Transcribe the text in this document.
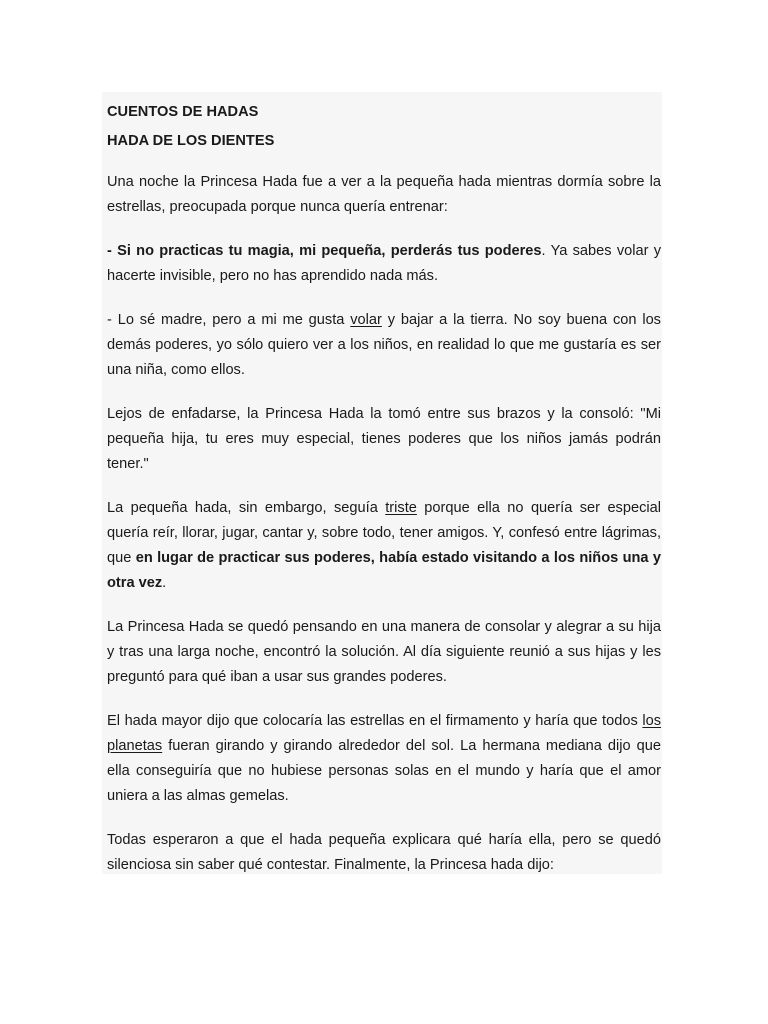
CUENTOS DE HADAS

HADA DE LOS DIENTES

Una noche la Princesa Hada fue a ver a la pequeña hada mientras dormía sobre la estrellas, preocupada porque nunca quería entrenar:

- Si no practicas tu magia, mi pequeña, perderás tus poderes. Ya sabes volar y hacerte invisible, pero no has aprendido nada más.

- Lo sé madre, pero a mi me gusta volar y bajar a la tierra. No soy buena con los demás poderes, yo sólo quiero ver a los niños, en realidad lo que me gustaría es ser una niña, como ellos.

Lejos de enfadarse, la Princesa Hada la tomó entre sus brazos y la consoló: "Mi pequeña hija, tu eres muy especial, tienes poderes que los niños jamás podrán tener."

La pequeña hada, sin embargo, seguía triste porque ella no quería ser especial quería reír, llorar, jugar, cantar y, sobre todo, tener amigos. Y, confesó entre lágrimas, que en lugar de practicar sus poderes, había estado visitando a los niños una y otra vez.

La Princesa Hada se quedó pensando en una manera de consolar y alegrar a su hija y tras una larga noche, encontró la solución. Al día siguiente reunió a sus hijas y les preguntó para qué iban a usar sus grandes poderes.

El hada mayor dijo que colocaría las estrellas en el firmamento y haría que todos los planetas fueran girando y girando alrededor del sol. La hermana mediana dijo que ella conseguiría que no hubiese personas solas en el mundo y haría que el amor uniera a las almas gemelas.

Todas esperaron a que el hada pequeña explicara qué haría ella, pero se quedó silenciosa sin saber qué contestar. Finalmente, la Princesa hada dijo:
